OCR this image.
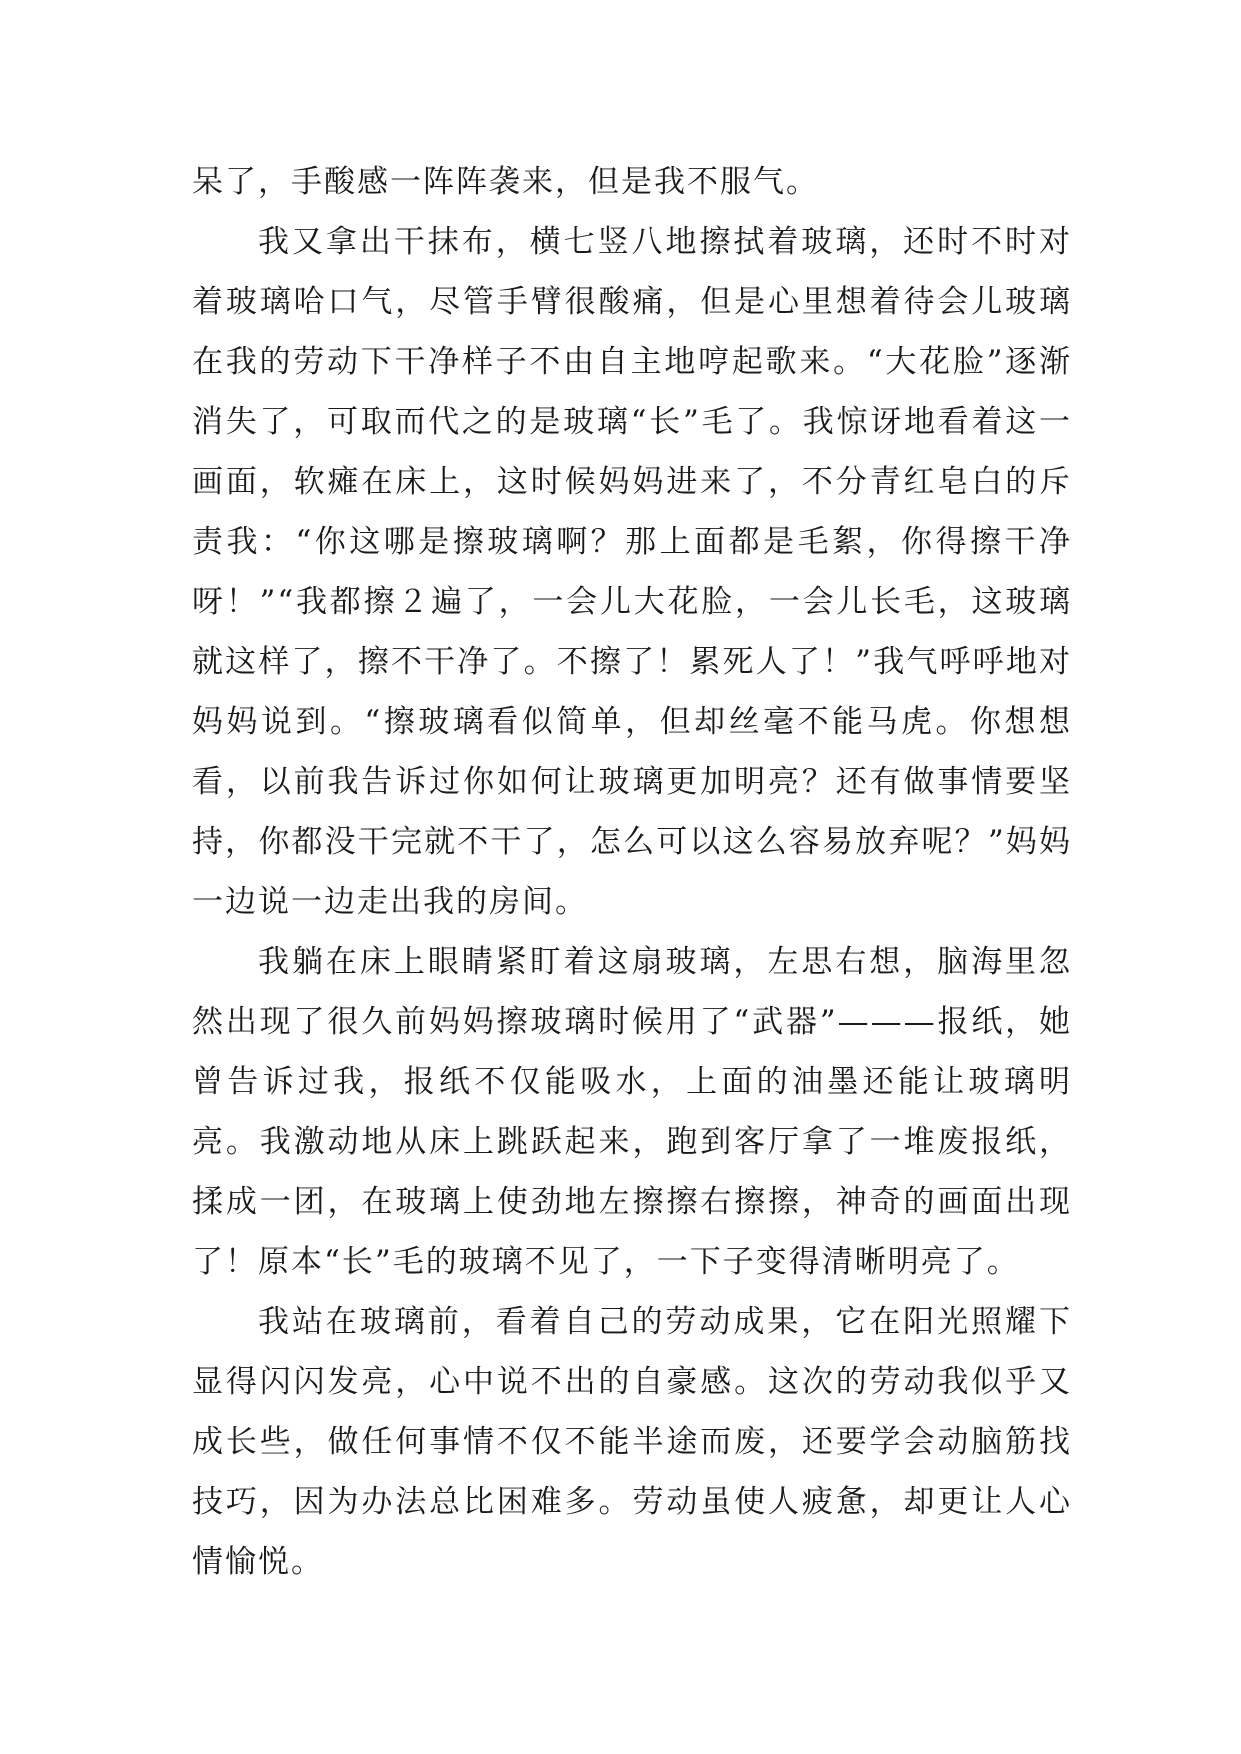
呆了，手酸感一阵阵袭来，但是我不服气。

我又拿出干抹布，横七竖八地擦拭着玻璃，还时不时对着玻璃哈口气，尽管手臂很酸痛，但是心里想着待会儿玻璃在我的劳动下干净样子不由自主地哼起歌来。“大花脸”逐渐消失了，可取而代之的是玻璃“长”毛了。我惊讶地看着这一画面，软瘫在床上，这时候妈妈进来了，不分青红皂白的斥责我：“你这哪是擦玻璃啊？那上面都是毛絮，你得擦干净呀！”“我都擦２遍了，一会儿大花脸，一会儿长毛，这玻璃就这样了，擦不干净了。不擦了！累死人了！”我气呼呼地对妈妈说到。“擦玻璃看似简单，但却丝毫不能马虎。你想想看，以前我告诉过你如何让玻璃更加明亮？还有做事情要坚持，你都没干完就不干了，怎么可以这么容易放弃呢？”妈妈一边说一边走出我的房间。

我躺在床上眼睛紧盯着这扇玻璃，左思右想，脑海里忽然出现了很久前妈妈擦玻璃时候用了“武器”———报纸，她曾告诉过我，报纸不仅能吸水，上面的油墨还能让玻璃明亮。我激动地从床上跳跃起来，跑到客厅拿了一堆废报纸，揉成一团，在玻璃上使劲地左擦擦右擦擦，神奇的画面出现了！原本“长”毛的玻璃不见了，一下子变得清晰明亮了。

我站在玻璃前，看着自己的劳动成果，它在阳光照耀下显得闪闪发亮，心中说不出的自豪感。这次的劳动我似乎又成长些，做任何事情不仅不能半途而废，还要学会动脑筋找技巧，因为办法总比困难多。劳动虽使人疲惫，却更让人心情愉悦。
